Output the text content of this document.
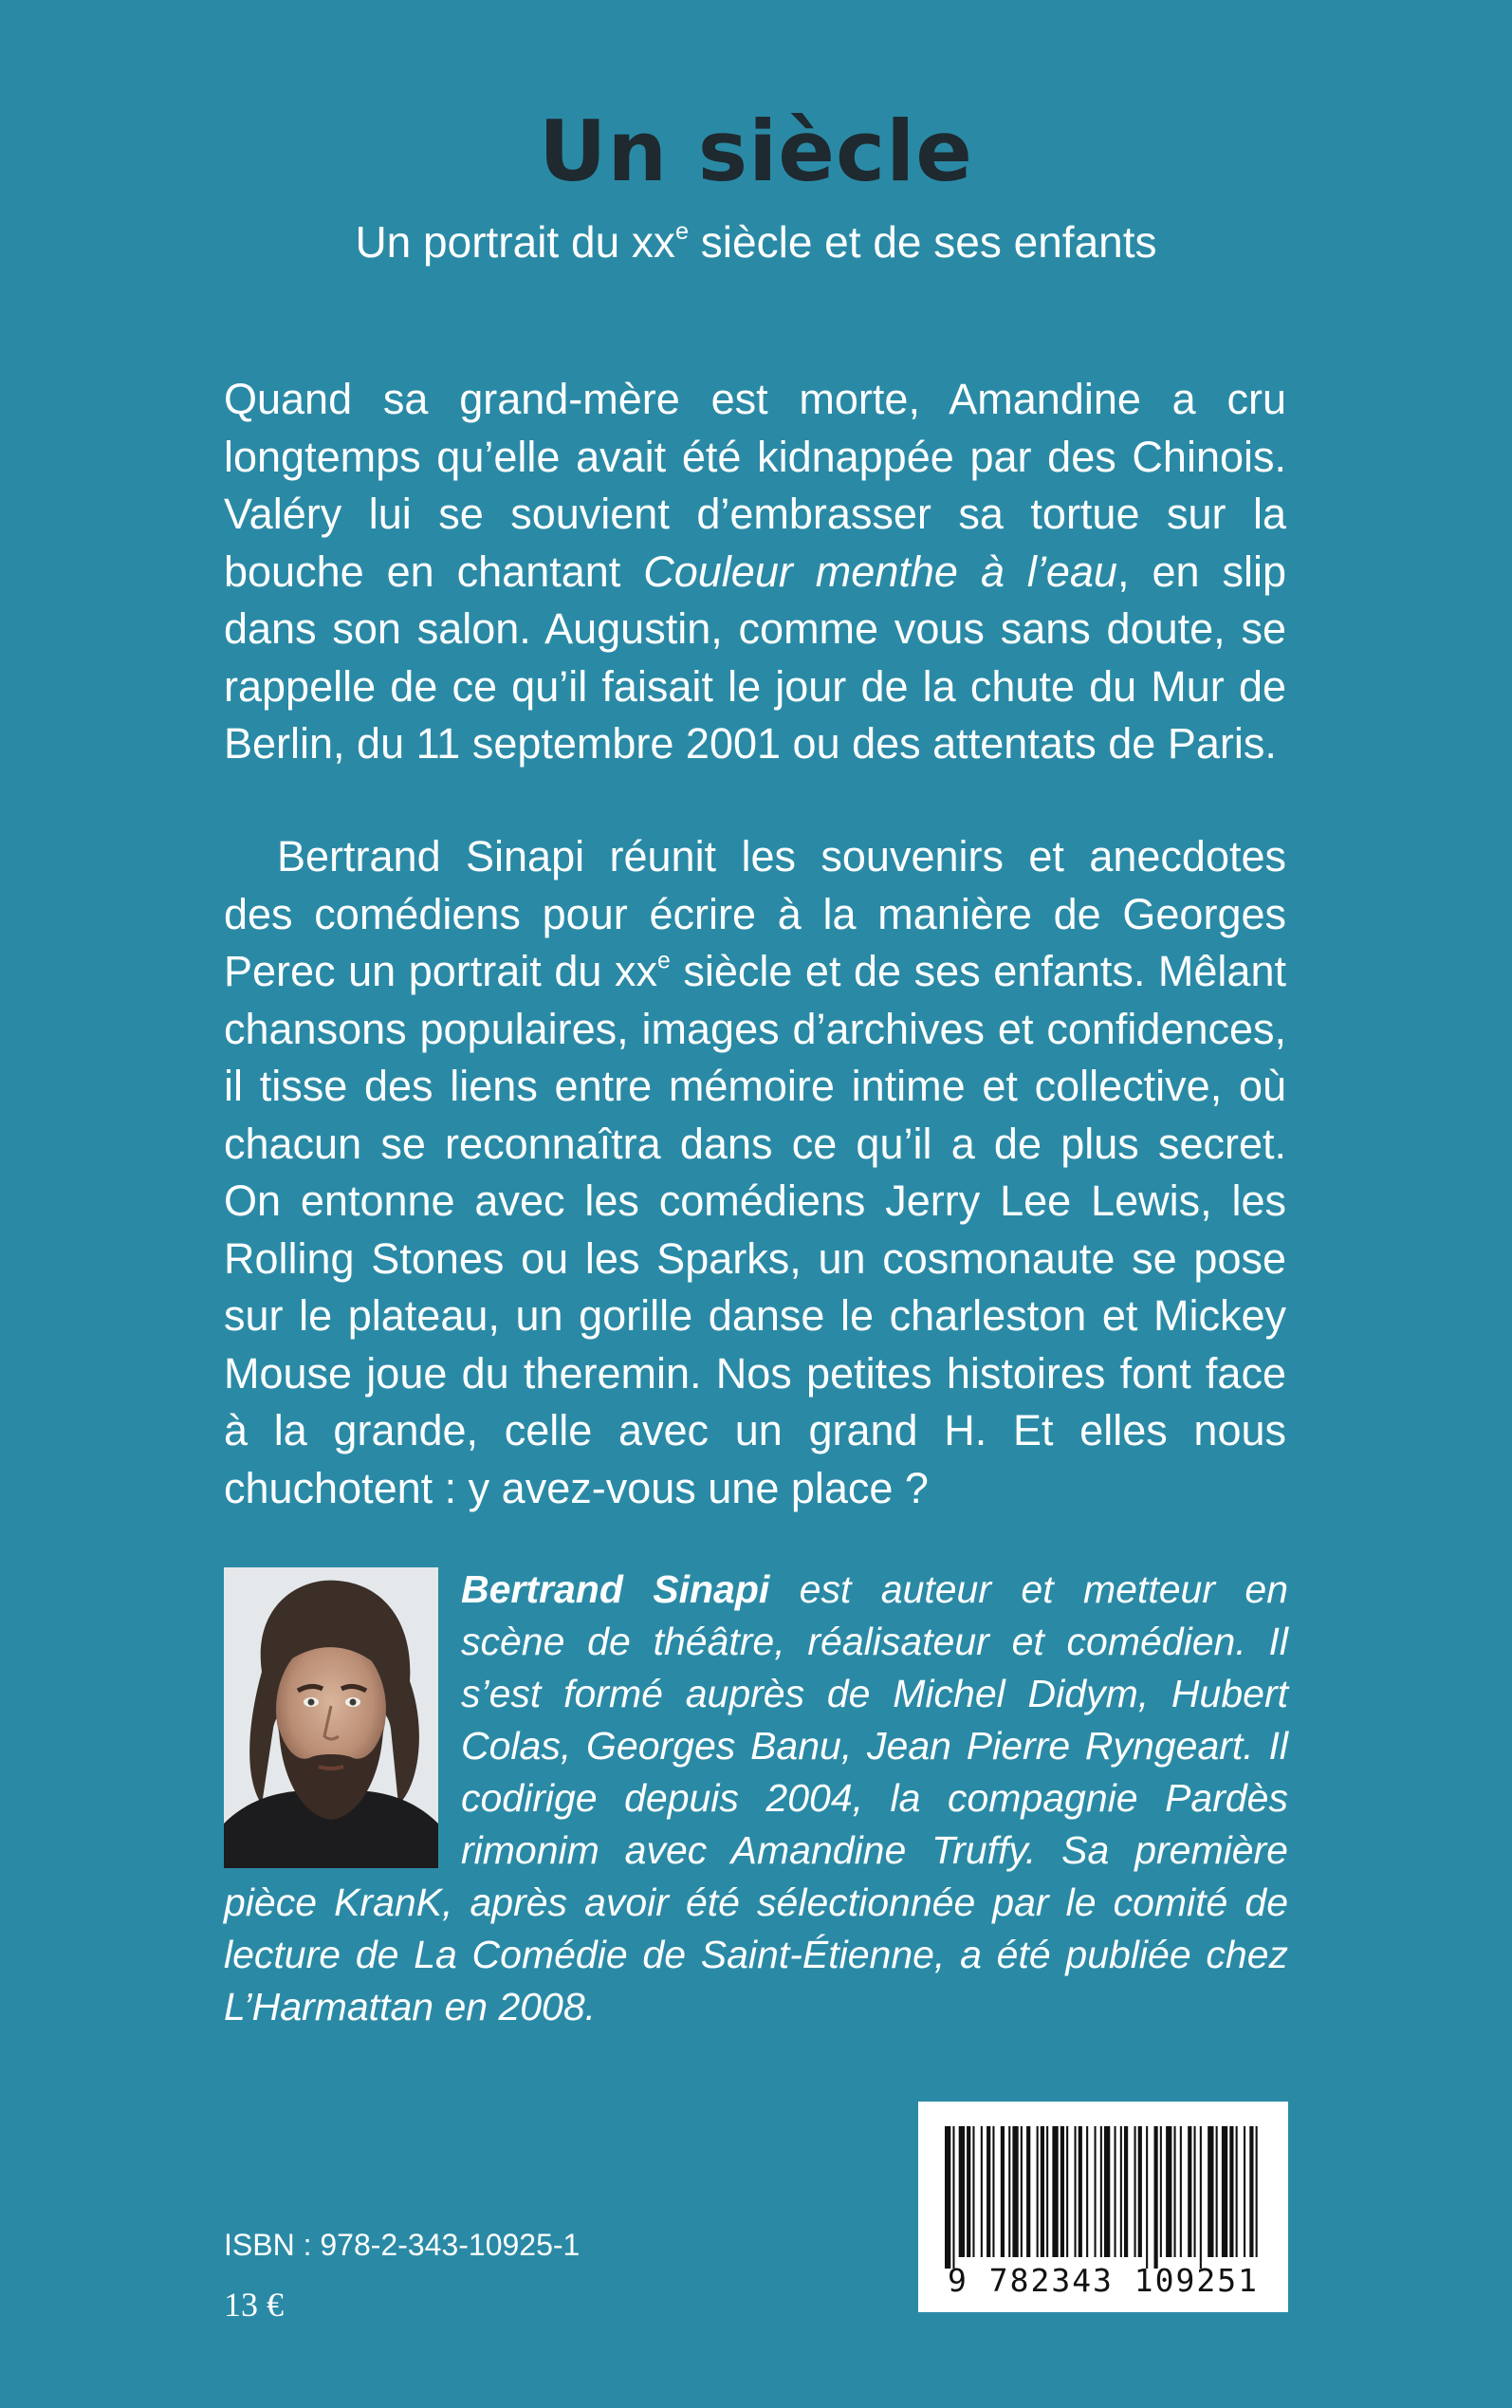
Un siècle
Un portrait du $xx^e$ siècle et de ses enfants

Quand sa grand-mère est morte, Amandine a cru longtemps qu’elle avait été kidnappée par des Chinois. Valéry lui se souvient d’embrasser sa tortue sur la bouche en chantant Couleur menthe à l’eau, en slip dans son salon. Augustin, comme vous sans doute, se rappelle de ce qu’il faisait le jour de la chute du Mur de Berlin, du 11 septembre 2001 ou des attentats de Paris.

Bertrand Sinapi réunit les souvenirs et anecdotes des comédiens pour écrire à la manière de Georges Perec un portrait du $xx^e$ siècle et de ses enfants. Mêlant chansons populaires, images d’archives et confidences, il tisse des liens entre mémoire intime et collective, où chacun se reconnaîtra dans ce qu’il a de plus secret. On entonne avec les comédiens Jerry Lee Lewis, les Rolling Stones ou les Sparks, un cosmonaute se pose sur le plateau, un gorille danse le charleston et Mickey Mouse joue du theremin. Nos petites histoires font face à la grande, celle avec un grand H. Et elles nous chuchotent : y avez-vous une place ?

Bertrand Sinapi est auteur et metteur en scène de théâtre, réalisateur et comédien. Il s’est formé auprès de Michel Didym, Hubert Colas, Georges Banu, Jean Pierre Ryngeart. Il codirige depuis 2004, la compagnie Pardès rimonim avec Amandine Truffy. Sa première pièce KranK, après avoir été sélectionnée par le comité de lecture de La Comédie de Saint-Étienne, a été publiée chez L’Harmattan en 2008.
9 782343 109251
ISBN : 978-2-343-10925-1
13 €
